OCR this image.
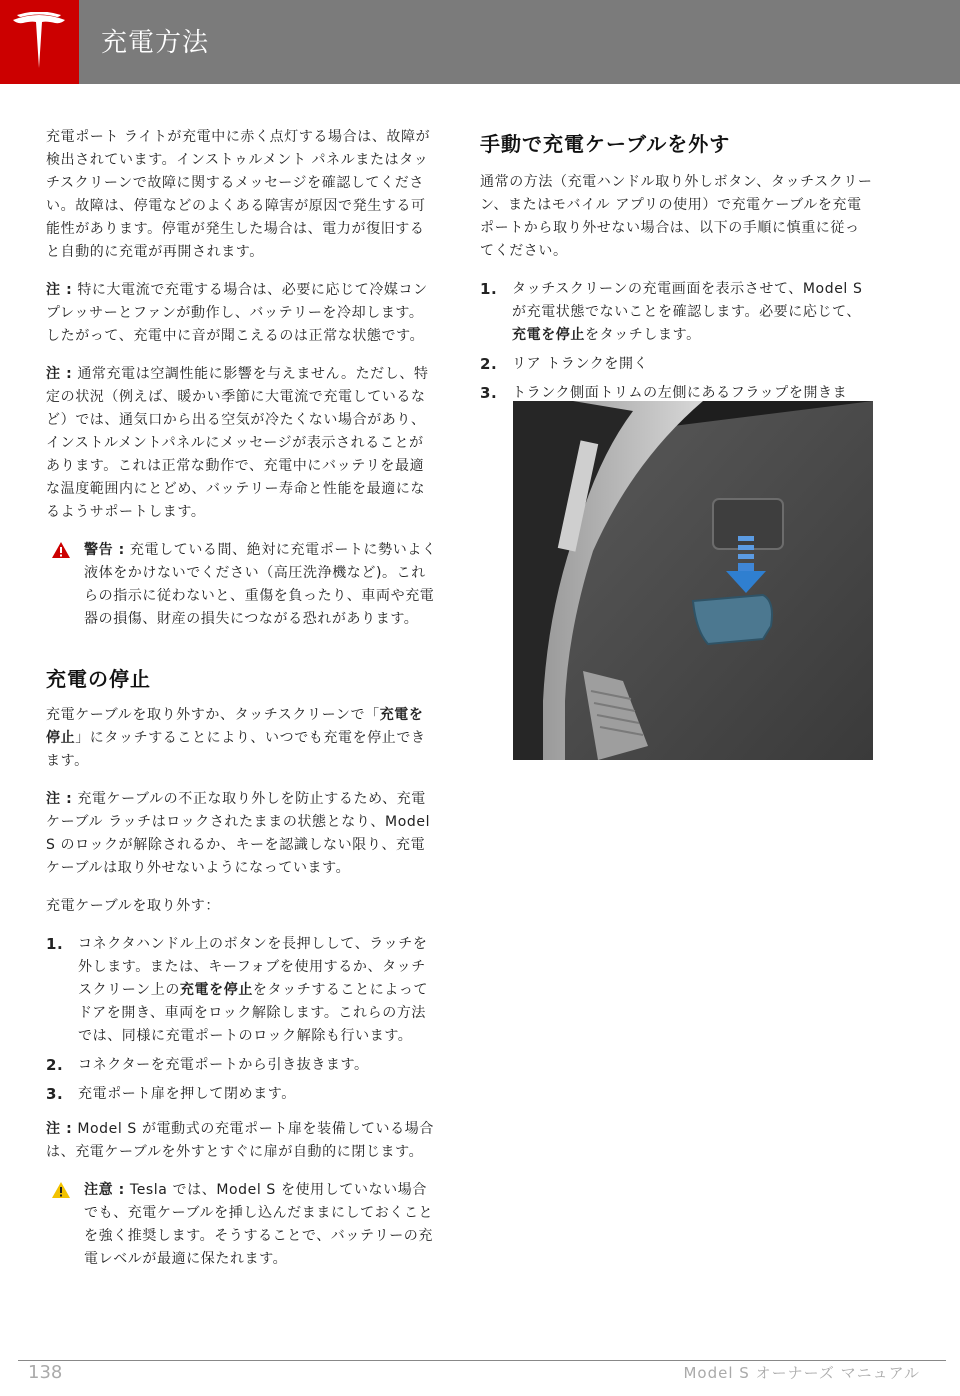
充電方法

充電ポート ライトが充電中に赤く点灯する場合は、故障が検出されています。インストゥルメント パネルまたはタッチスクリーンで故障に関するメッセージを確認してください。故障は、停電などのよくある障害が原因で発生する可能性があります。停電が発生した場合は、電力が復旧すると自動的に充電が再開されます。

注 : 特に大電流で充電する場合は、必要に応じて冷媒コンプレッサーとファンが動作し、バッテリーを冷却します。したがって、充電中に音が聞こえるのは正常な状態です。

注 : 通常充電は空調性能に影響を与えません。ただし、特定の状況（例えば、暖かい季節に大電流で充電しているなど）では、通気口から出る空気が冷たくない場合があり、インストルメントパネルにメッセージが表示されることがあります。これは正常な動作で、充電中にバッテリを最適な温度範囲内にとどめ、バッテリー寿命と性能を最適になるようサポートします。

警告 : 充電している間、絶対に充電ポートに勢いよく液体をかけないでください（高圧洗浄機など)。これらの指示に従わないと、重傷を負ったり、車両や充電器の損傷、財産の損失につながる恐れがあります。
充電の停止

充電ケーブルを取り外すか、タッチスクリーンで「充電を停止」にタッチすることにより、いつでも充電を停止できます。

注 : 充電ケーブルの不正な取り外しを防止するため、充電ケーブル ラッチはロックされたままの状態となり、Model S のロックが解除されるか、キーを認識しない限り、充電ケーブルは取り外せないようになっています。

充電ケーブルを取り外す：

1. コネクタハンドル上のボタンを長押しして、ラッチを外します。または、キーフォブを使用するか、タッチスクリーン上の充電を停止をタッチすることによってドアを開き、車両をロック解除します。これらの方法では、同様に充電ポートのロック解除も行います。
2. コネクターを充電ポートから引き抜きます。
3. 充電ポート扉を押して閉めます。

注 : Model S が電動式の充電ポート扉を装備している場合は、充電ケーブルを外すとすぐに扉が自動的に閉じます。

注意 : Tesla では、Model S を使用していない場合でも、充電ケーブルを挿し込んだままにしておくことを強く推奨します。そうすることで、バッテリーの充電レベルが最適に保たれます。
手動で充電ケーブルを外す

通常の方法（充電ハンドル取り外しボタン、タッチスクリーン、またはモバイル アプリの使用）で充電ケーブルを充電ポートから取り外せない場合は、以下の手順に慎重に従ってください。

1. タッチスクリーンの充電画面を表示させて、Model S が充電状態でないことを確認します。必要に応じて、充電を停止をタッチします。
2. リア トランクを開く
3. トランク側面トリムの左側にあるフラップを開きま
138	Model S オーナーズ マニュアル
